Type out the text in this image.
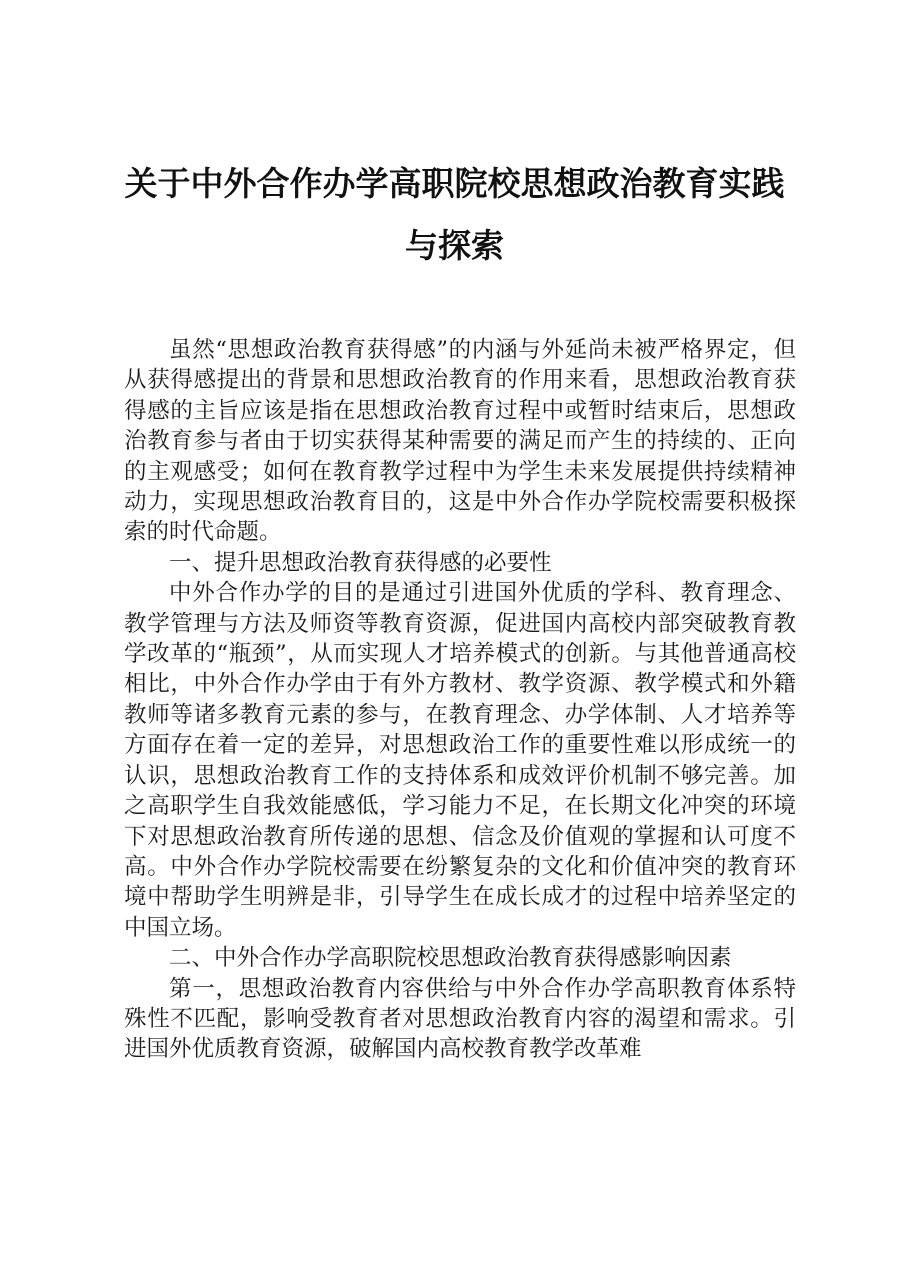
关于中外合作办学高职院校思想政治教育实践
与探索

虽然“思想政治教育获得感”的内涵与外延尚未被严格界定，但从获得感提出的背景和思想政治教育的作用来看，思想政治教育获得感的主旨应该是指在思想政治教育过程中或暂时结束后，思想政治教育参与者由于切实获得某种需要的满足而产生的持续的、正向的主观感受；如何在教育教学过程中为学生未来发展提供持续精神动力，实现思想政治教育目的，这是中外合作办学院校需要积极探索的时代命题。

一、提升思想政治教育获得感的必要性

中外合作办学的目的是通过引进国外优质的学科、教育理念、教学管理与方法及师资等教育资源，促进国内高校内部突破教育教学改革的“瓶颈”，从而实现人才培养模式的创新。与其他普通高校相比，中外合作办学由于有外方教材、教学资源、教学模式和外籍教师等诸多教育元素的参与，在教育理念、办学体制、人才培养等方面存在着一定的差异，对思想政治工作的重要性难以形成统一的认识，思想政治教育工作的支持体系和成效评价机制不够完善。加之高职学生自我效能感低，学习能力不足，在长期文化冲突的环境下对思想政治教育所传递的思想、信念及价值观的掌握和认可度不高。中外合作办学院校需要在纷繁复杂的文化和价值冲突的教育环境中帮助学生明辨是非，引导学生在成长成才的过程中培养坚定的中国立场。

二、中外合作办学高职院校思想政治教育获得感影响因素

第一，思想政治教育内容供给与中外合作办学高职教育体系特殊性不匹配，影响受教育者对思想政治教育内容的渴望和需求。引进国外优质教育资源，破解国内高校教育教学改革难
